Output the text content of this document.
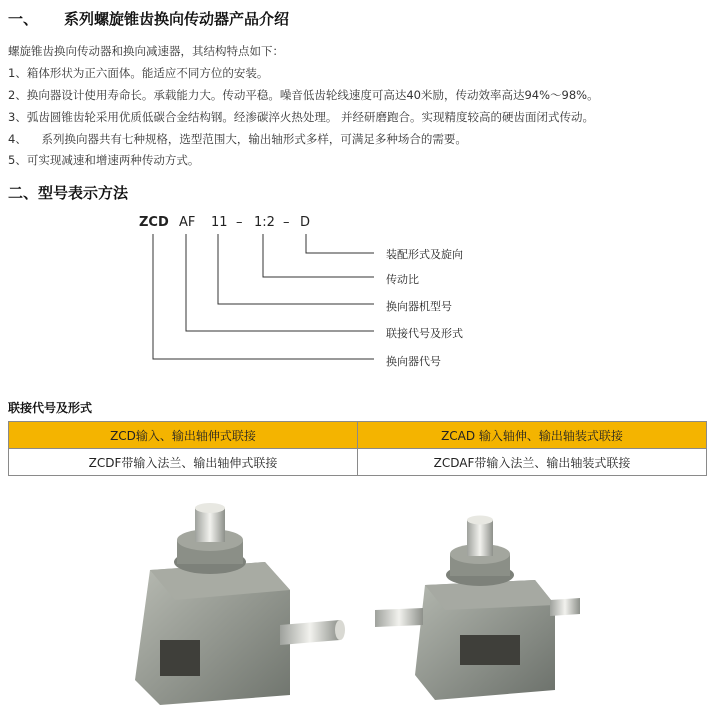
一、 系列螺旋锥齿换向传动器产品介绍
螺旋锥齿换向传动器和换向减速器，其结构特点如下：
1、箱体形状为正六面体。能适应不同方位的安装。
2、换向器设计使用寿命长。承载能力大。传动平稳。噪音低齿轮线速度可高达40米励，传动效率高达94%～98%。
3、弧齿圆锥齿轮采用优质低碳合金结构钢。经渗碳淬火热处理。 并经研磨跑合。实现精度较高的硬齿面闭式传动。
4、    系列换向器共有七种规格，选型范围大，输出轴形式多样，可满足多种场合的需要。
5、可实现减速和增速两种传动方式。
二、型号表示方法
ZCD AF 11 – 1:2 – D
装配形式及旋向
传动比
换向器机型号
联接代号及形式
换向器代号
联接代号及形式
ZCD输入、输出轴伸式联接	ZCAD 输入轴伸、输出轴装式联接
ZCDF带输入法兰、输出轴伸式联接	ZCDAF带输入法兰、输出轴装式联接
